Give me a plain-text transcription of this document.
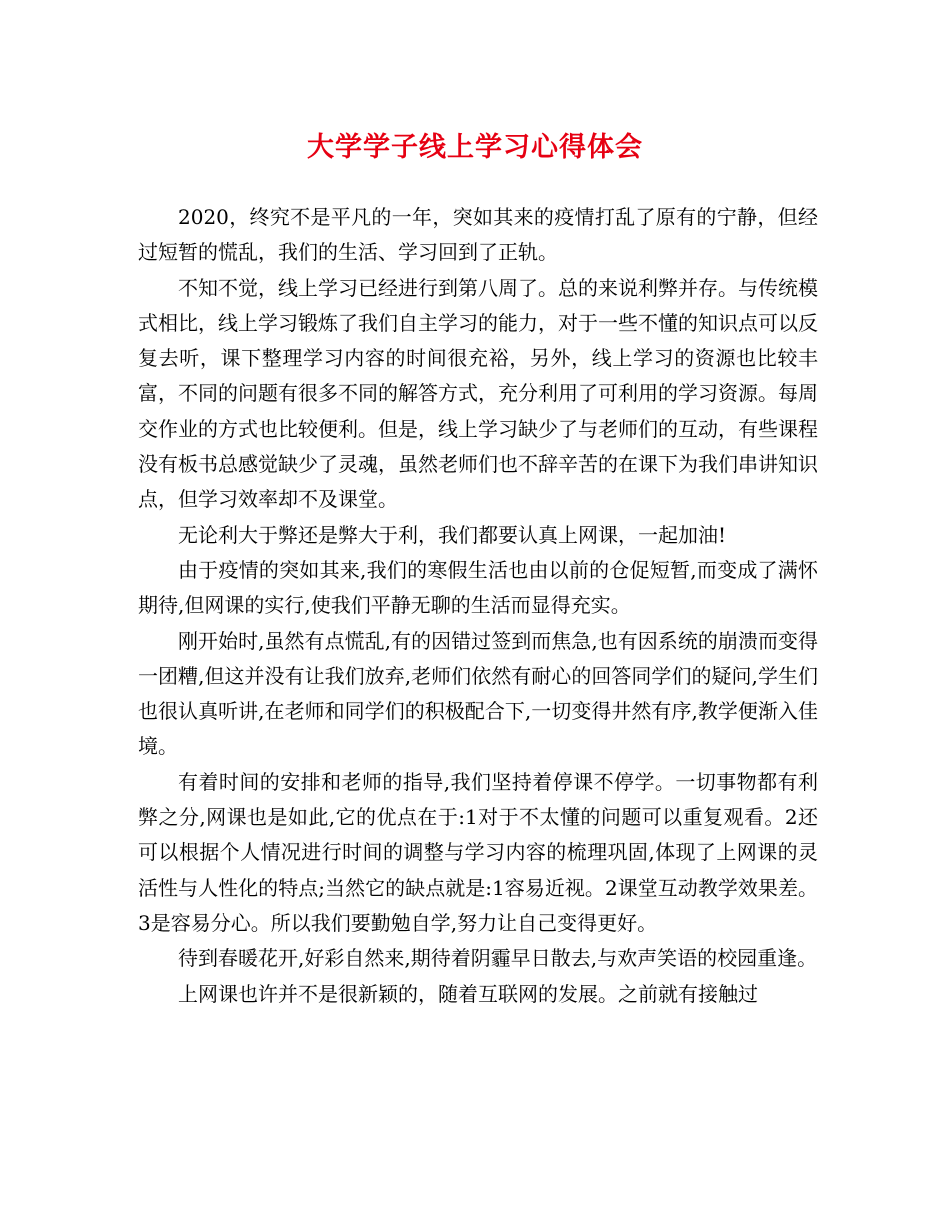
大学学子线上学习心得体会

2020，终究不是平凡的一年，突如其来的疫情打乱了原有的宁静，但经过短暂的慌乱，我们的生活、学习回到了正轨。

不知不觉，线上学习已经进行到第八周了。总的来说利弊并存。与传统模式相比，线上学习锻炼了我们自主学习的能力，对于一些不懂的知识点可以反复去听，课下整理学习内容的时间很充裕，另外，线上学习的资源也比较丰富，不同的问题有很多不同的解答方式，充分利用了可利用的学习资源。每周交作业的方式也比较便利。但是，线上学习缺少了与老师们的互动，有些课程没有板书总感觉缺少了灵魂，虽然老师们也不辞辛苦的在课下为我们串讲知识点，但学习效率却不及课堂。

无论利大于弊还是弊大于利，我们都要认真上网课，一起加油!

由于疫情的突如其来,我们的寒假生活也由以前的仓促短暂,而变成了满怀期待,但网课的实行,使我们平静无聊的生活而显得充实。

刚开始时,虽然有点慌乱,有的因错过签到而焦急,也有因系统的崩溃而变得一团糟,但这并没有让我们放弃,老师们依然有耐心的回答同学们的疑问,学生们也很认真听讲,在老师和同学们的积极配合下,一切变得井然有序,教学便渐入佳境。

有着时间的安排和老师的指导,我们坚持着停课不停学。一切事物都有利弊之分,网课也是如此,它的优点在于:1对于不太懂的问题可以重复观看。2还可以根据个人情况进行时间的调整与学习内容的梳理巩固,体现了上网课的灵活性与人性化的特点;当然它的缺点就是:1容易近视。2课堂互动教学效果差。3是容易分心。所以我们要勤勉自学,努力让自己变得更好。

待到春暖花开,好彩自然来,期待着阴霾早日散去,与欢声笑语的校园重逢。

上网课也许并不是很新颖的，随着互联网的发展。之前就有接触过
